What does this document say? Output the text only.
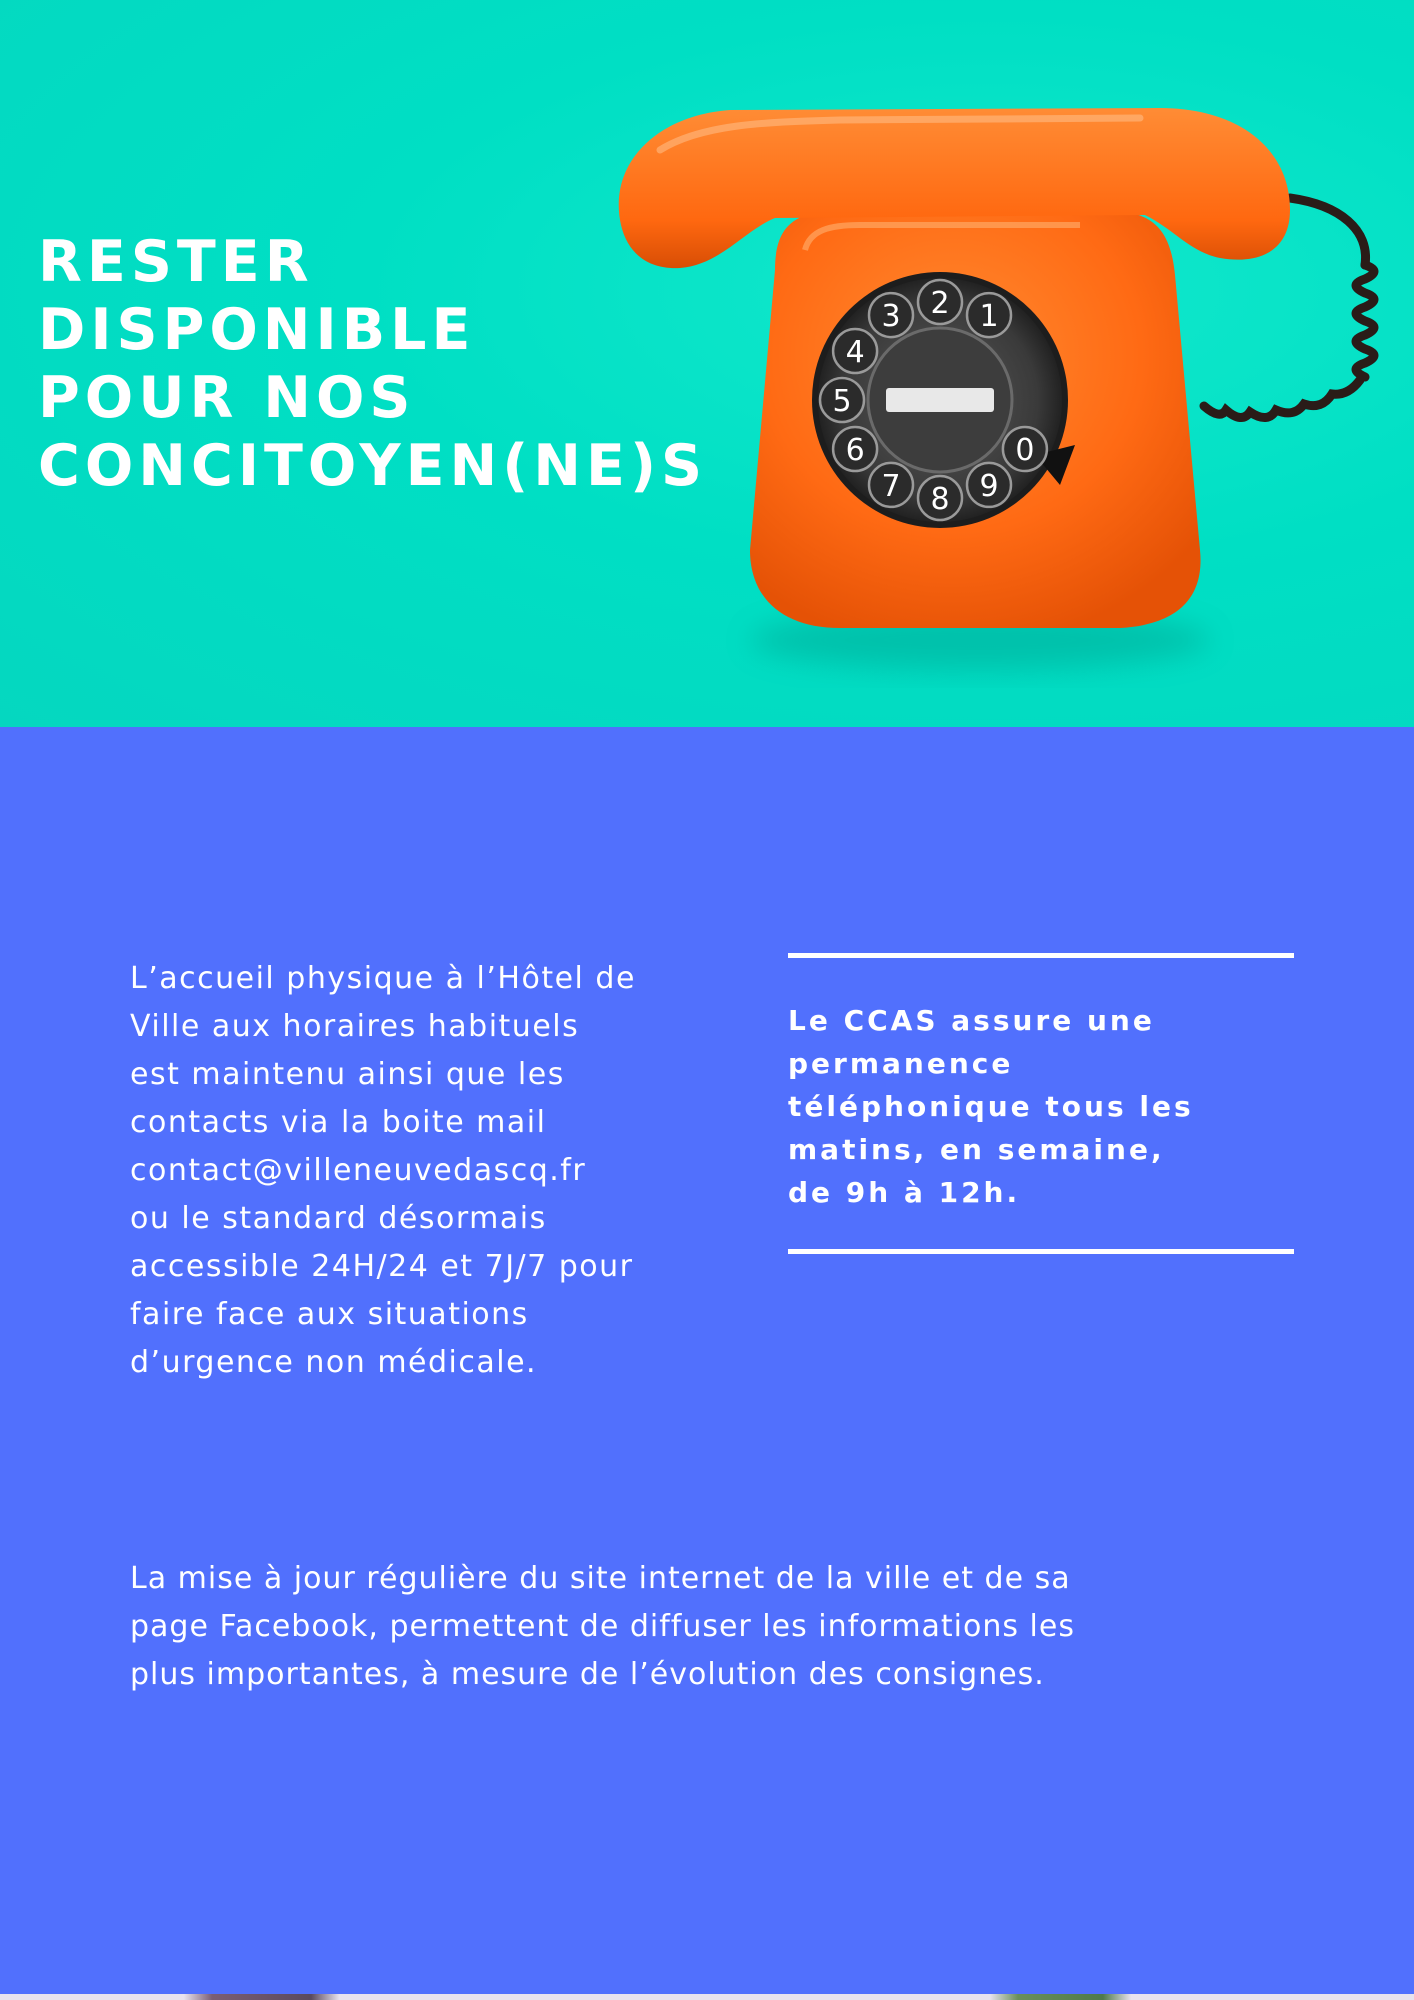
RESTER
DISPONIBLE
POUR NOS
CONCITOYEN(NE)S
1
2
3
4
5
6
7 8 9
0

L’accueil physique à l’Hôtel de
Ville aux horaires habituels
est maintenu ainsi que les
contacts via la boite mail
contact@villeneuvedascq.fr
ou le standard désormais
accessible 24H/24 et 7J/7 pour
faire face aux situations
d’urgence non médicale.

Le CCAS assure une
permanence
téléphonique tous les
matins, en semaine,
de 9h à 12h.

La mise à jour régulière du site internet de la ville et de sa
page Facebook, permettent de diffuser les informations les
plus importantes, à mesure de l’évolution des consignes.
